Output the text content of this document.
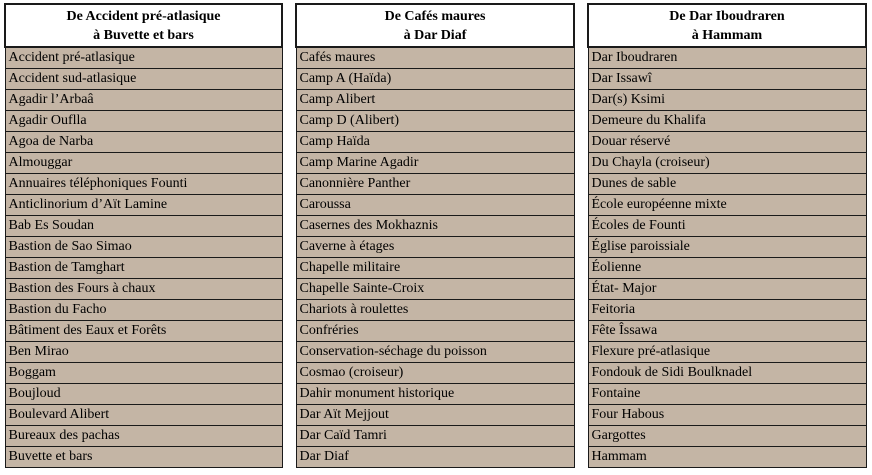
De Accident pré-atlasique
à Buvette et bars

Accident pré-atlasique
Accident sud-atlasique
Agadir l’Arbaâ
Agadir Ouflla
Agoa de Narba
Almouggar
Annuaires téléphoniques Founti
Anticlinorium d’Aït Lamine
Bab Es Soudan
Bastion de Sao Simao
Bastion de Tamghart
Bastion des Fours à chaux
Bastion du Facho
Bâtiment des Eaux et Forêts
Ben Mirao
Boggam
Boujloud
Boulevard Alibert
Bureaux des pachas
Buvette et bars
De Cafés maures
à Dar Diaf

Cafés maures
Camp A (Haïda)
Camp Alibert
Camp D (Alibert)
Camp Haïda
Camp Marine Agadir
Canonnière Panther
Caroussa
Casernes des Mokhaznis
Caverne à étages
Chapelle militaire
Chapelle Sainte-Croix
Chariots à roulettes
Confréries
Conservation-séchage du poisson
Cosmao (croiseur)
Dahir monument historique
Dar Aït Mejjout
Dar Caïd Tamri
Dar Diaf
De Dar Iboudraren
à Hammam

Dar Iboudraren
Dar Issawî
Dar(s) Ksimi
Demeure du Khalifa
Douar réservé
Du Chayla (croiseur)
Dunes de sable
École européenne mixte
Écoles de Founti
Église paroissiale
Éolienne
État- Major
Feitoria
Fête Îssawa
Flexure pré-atlasique
Fondouk de Sidi Boulknadel
Fontaine
Four Habous
Gargottes
Hammam
